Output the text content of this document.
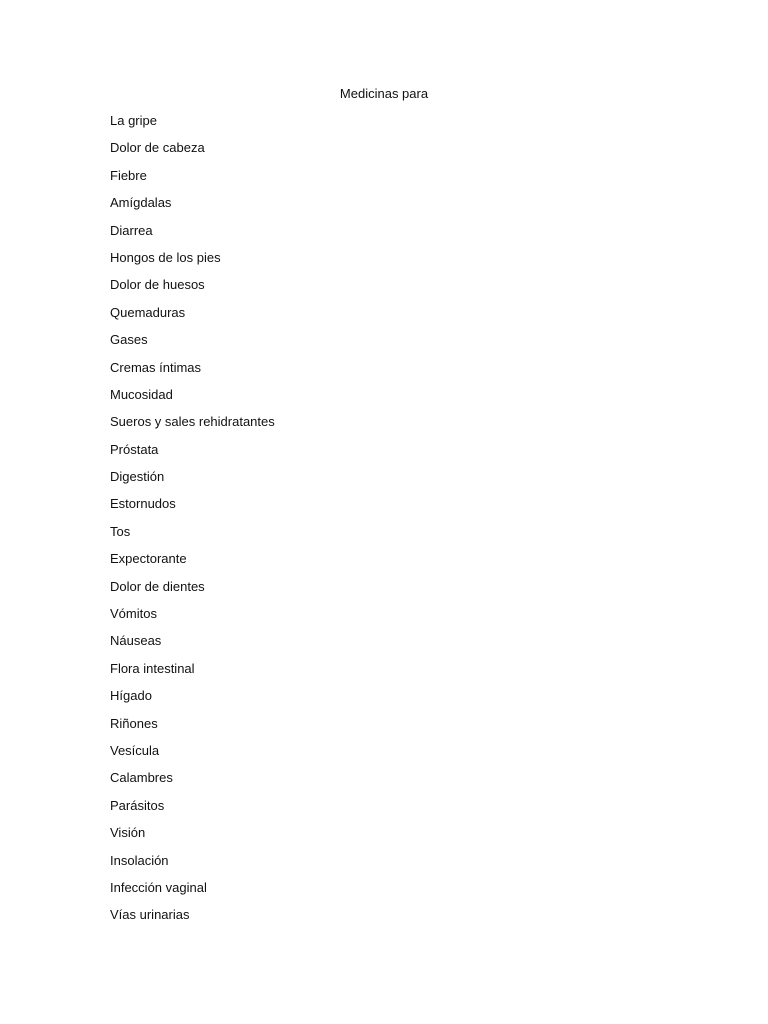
Medicinas para
La gripe
Dolor de cabeza
Fiebre
Amígdalas
Diarrea
Hongos de los pies
Dolor de huesos
Quemaduras
Gases
Cremas íntimas
Mucosidad
Sueros y sales rehidratantes
Próstata
Digestión
Estornudos
Tos
Expectorante
Dolor de dientes
Vómitos
Náuseas
Flora intestinal
Hígado
Riñones
Vesícula
Calambres
Parásitos
Visión
Insolación
Infección vaginal
Vías urinarias
